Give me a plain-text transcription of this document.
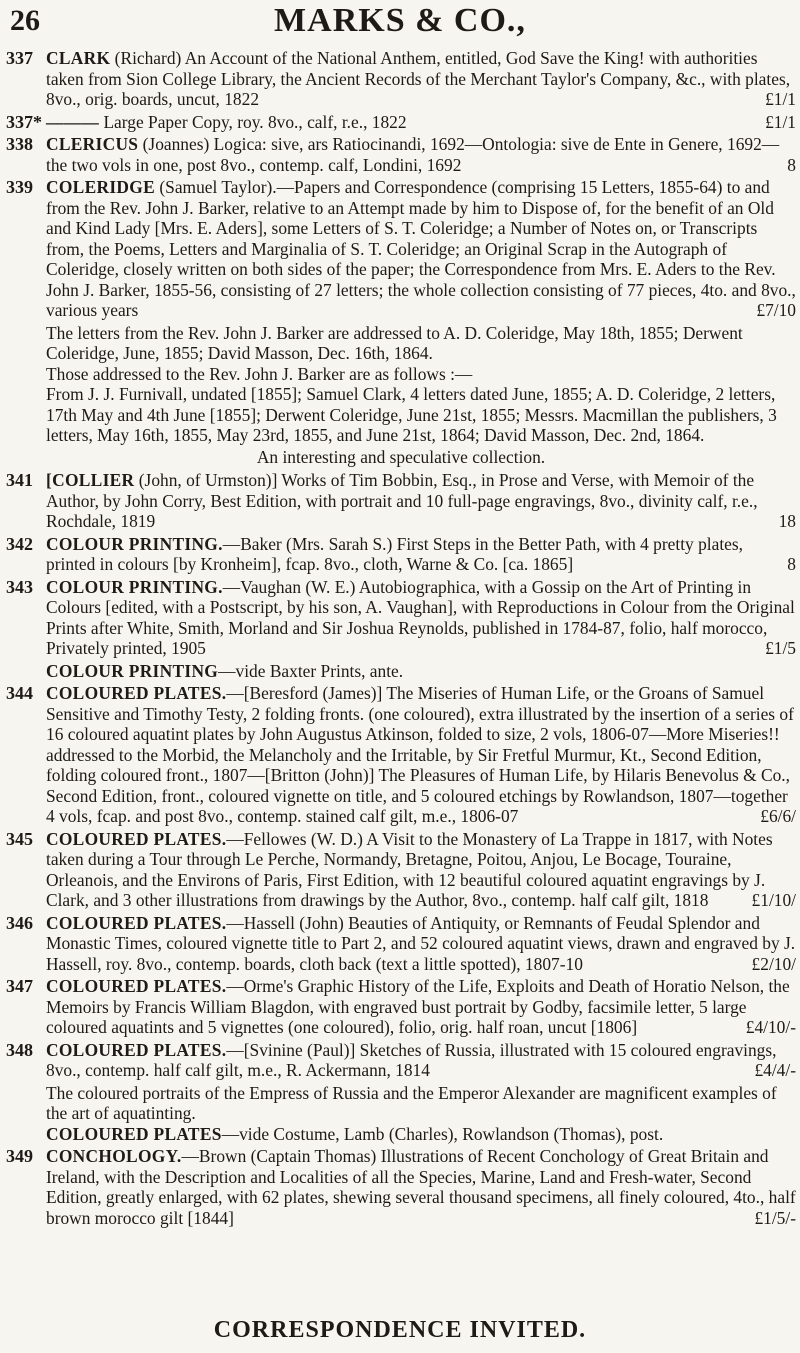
26	MARKS & CO.,
337 CLARK (Richard) An Account of the National Anthem, entitled, God Save the King! with authorities taken from Sion College Library, the Ancient Records of the Merchant Taylor's Company, &c., with plates, 8vo., orig. boards, uncut, 1822	£1/1
337* ——— Large Paper Copy, roy. 8vo., calf, r.e., 1822	£1/1
338 CLERICUS (Joannes) Logica: sive, ars Ratiocinandi, 1692—Ontologia: sive de Ente in Genere, 1692—the two vols in one, post 8vo., contemp. calf, Londini, 1692	8
339 COLERIDGE (Samuel Taylor).—Papers and Correspondence (comprising 15 Letters, 1855-64) to and from the Rev. John J. Barker, relative to an Attempt made by him to Dispose of, for the benefit of an Old and Kind Lady [Mrs. E. Aders], some Letters of S. T. Coleridge; a Number of Notes on, or Transcripts from, the Poems, Letters and Marginalia of S. T. Coleridge; an Original Scrap in the Autograph of Coleridge, closely written on both sides of the paper; the Correspondence from Mrs. E. Aders to the Rev. John J. Barker, 1855-56, consisting of 27 letters; the whole collection consisting of 77 pieces, 4to. and 8vo., various years	£7/10
The letters from the Rev. John J. Barker are addressed to A. D. Coleridge, May 18th, 1855; Derwent Coleridge, June, 1855; David Masson, Dec. 16th, 1864.
Those addressed to the Rev. John J. Barker are as follows :—
From J. J. Furnivall, undated [1855]; Samuel Clark, 4 letters dated June, 1855; A. D. Coleridge, 2 letters, 17th May and 4th June [1855]; Derwent Coleridge, June 21st, 1855; Messrs. Macmillan the publishers, 3 letters, May 16th, 1855, May 23rd, 1855, and June 21st, 1864; David Masson, Dec. 2nd, 1864.
An interesting and speculative collection.
341 [COLLIER (John, of Urmston)] Works of Tim Bobbin, Esq., in Prose and Verse, with Memoir of the Author, by John Corry, Best Edition, with portrait and 10 full-page engravings, 8vo., divinity calf, r.e., Rochdale, 1819	18
342 COLOUR PRINTING.—Baker (Mrs. Sarah S.) First Steps in the Better Path, with 4 pretty plates, printed in colours [by Kronheim], fcap. 8vo., cloth, Warne & Co. [ca. 1865]	8
343 COLOUR PRINTING.—Vaughan (W. E.) Autobiographica, with a Gossip on the Art of Printing in Colours [edited, with a Postscript, by his son, A. Vaughan], with Reproductions in Colour from the Original Prints after White, Smith, Morland and Sir Joshua Reynolds, published in 1784-87, folio, half morocco, Privately printed, 1905	£1/5
COLOUR PRINTING—vide Baxter Prints, ante.
344 COLOURED PLATES.—[Beresford (James)] The Miseries of Human Life, or the Groans of Samuel Sensitive and Timothy Testy, 2 folding fronts. (one coloured), extra illustrated by the insertion of a series of 16 coloured aquatint plates by John Augustus Atkinson, folded to size, 2 vols, 1806-07—More Miseries!! addressed to the Morbid, the Melancholy and the Irritable, by Sir Fretful Murmur, Kt., Second Edition, folding coloured front., 1807—[Britton (John)] The Pleasures of Human Life, by Hilaris Benevolus & Co., Second Edition, front., coloured vignette on title, and 5 coloured etchings by Rowlandson, 1807—together 4 vols, fcap. and post 8vo., contemp. stained calf gilt, m.e., 1806-07	£6/6/
345 COLOURED PLATES.—Fellowes (W. D.) A Visit to the Monastery of La Trappe in 1817, with Notes taken during a Tour through Le Perche, Normandy, Bretagne, Poitou, Anjou, Le Bocage, Touraine, Orleanois, and the Environs of Paris, First Edition, with 12 beautiful coloured aquatint engravings by J. Clark, and 3 other illustrations from drawings by the Author, 8vo., contemp. half calf gilt, 1818 £1/10/
346 COLOURED PLATES.—Hassell (John) Beauties of Antiquity, or Remnants of Feudal Splendor and Monastic Times, coloured vignette title to Part 2, and 52 coloured aquatint views, drawn and engraved by J. Hassell, roy. 8vo., contemp. boards, cloth back (text a little spotted), 1807-10	£2/10/
347 COLOURED PLATES.—Orme's Graphic History of the Life, Exploits and Death of Horatio Nelson, the Memoirs by Francis William Blagdon, with engraved bust portrait by Godby, facsimile letter, 5 large coloured aquatints and 5 vignettes (one coloured), folio, orig. half roan, uncut [1806]	£4/10/-
348 COLOURED PLATES.—[Svinine (Paul)] Sketches of Russia, illustrated with 15 coloured engravings, 8vo., contemp. half calf gilt, m.e., R. Ackermann, 1814	£4/4/-
The coloured portraits of the Empress of Russia and the Emperor Alexander are magnificent examples of the art of aquatinting.
COLOURED PLATES—vide Costume, Lamb (Charles), Rowlandson (Thomas), post.
349 CONCHOLOGY.—Brown (Captain Thomas) Illustrations of Recent Conchology of Great Britain and Ireland, with the Description and Localities of all the Species, Marine, Land and Fresh-water, Second Edition, greatly enlarged, with 62 plates, shewing several thousand specimens, all finely coloured, 4to., half brown morocco gilt [1844]	£1/5/-
CORRESPONDENCE INVITED.
